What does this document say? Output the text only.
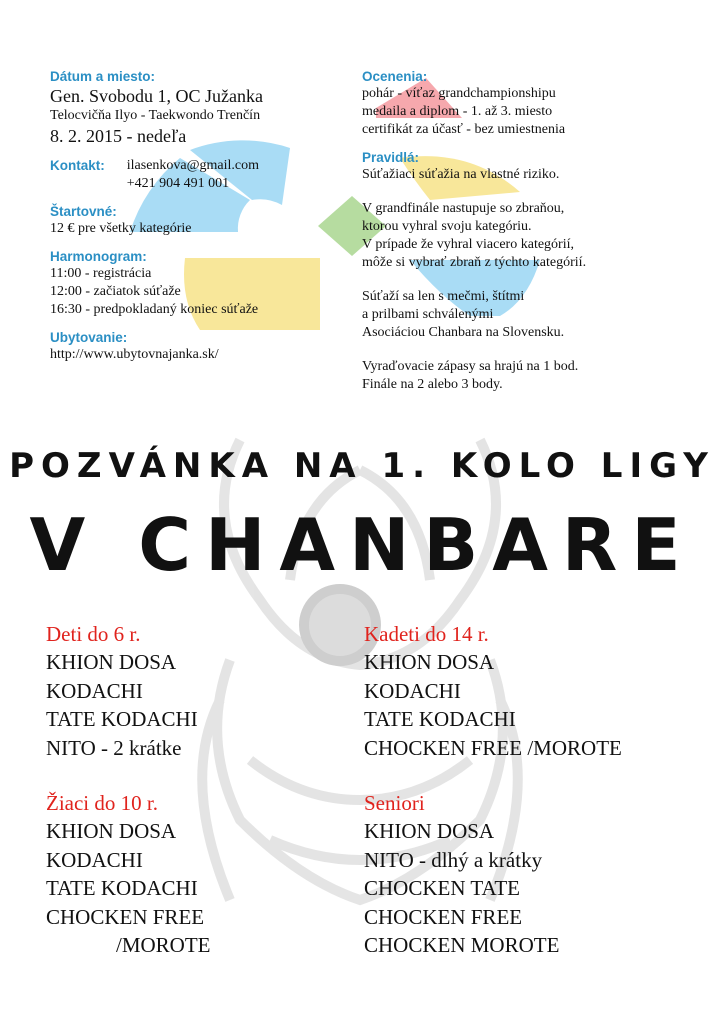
Dátum a miesto:
Gen. Svobodu 1, OC Južanka
Telocvičňa Ilyo - Taekwondo Trenčín
8. 2. 2015 - nedeľa
Kontakt: ilasenkova@gmail.com
+421 904 491 001
Štartovné:
12 € pre všetky kategórie
Harmonogram:
11:00 - registrácia
12:00 - začiatok súťaže
16:30 - predpokladaný koniec súťaže
Ubytovanie:
http://www.ubytovnajanka.sk/
Ocenenia:
pohár - víťaz grandchampionshipu
medaila a diplom - 1. až 3. miesto
certifikát za účasť - bez umiestnenia
Pravidlá:
Súťažiaci súťažia na vlastné riziko.
V grandfinále nastupuje so zbraňou,
ktorou vyhral svoju kategóriu.
V prípade že vyhral viacero kategórií,
môže si vybrať zbraň z týchto kategórií.
Súťaží sa len s mečmi, štítmi
a prilbami schválenými
Asociáciou Chanbara na Slovensku.
Vyraďovacie zápasy sa hrajú na 1 bod.
Finále na 2 alebo 3 body.
POZVÁNKA NA 1. KOLO LIGY
V CHANBARE
Deti do 6 r.
KHION DOSA
KODACHI
TATE KODACHI
NITO - 2 krátke
Kadeti do 14 r.
KHION DOSA
KODACHI
TATE KODACHI
CHOCKEN FREE /MOROTE
Žiaci do 10 r.
KHION DOSA
KODACHI
TATE KODACHI
CHOCKEN FREE
/MOROTE
Seniori
KHION DOSA
NITO - dlhý a krátky
CHOCKEN TATE
CHOCKEN FREE
CHOCKEN MOROTE
